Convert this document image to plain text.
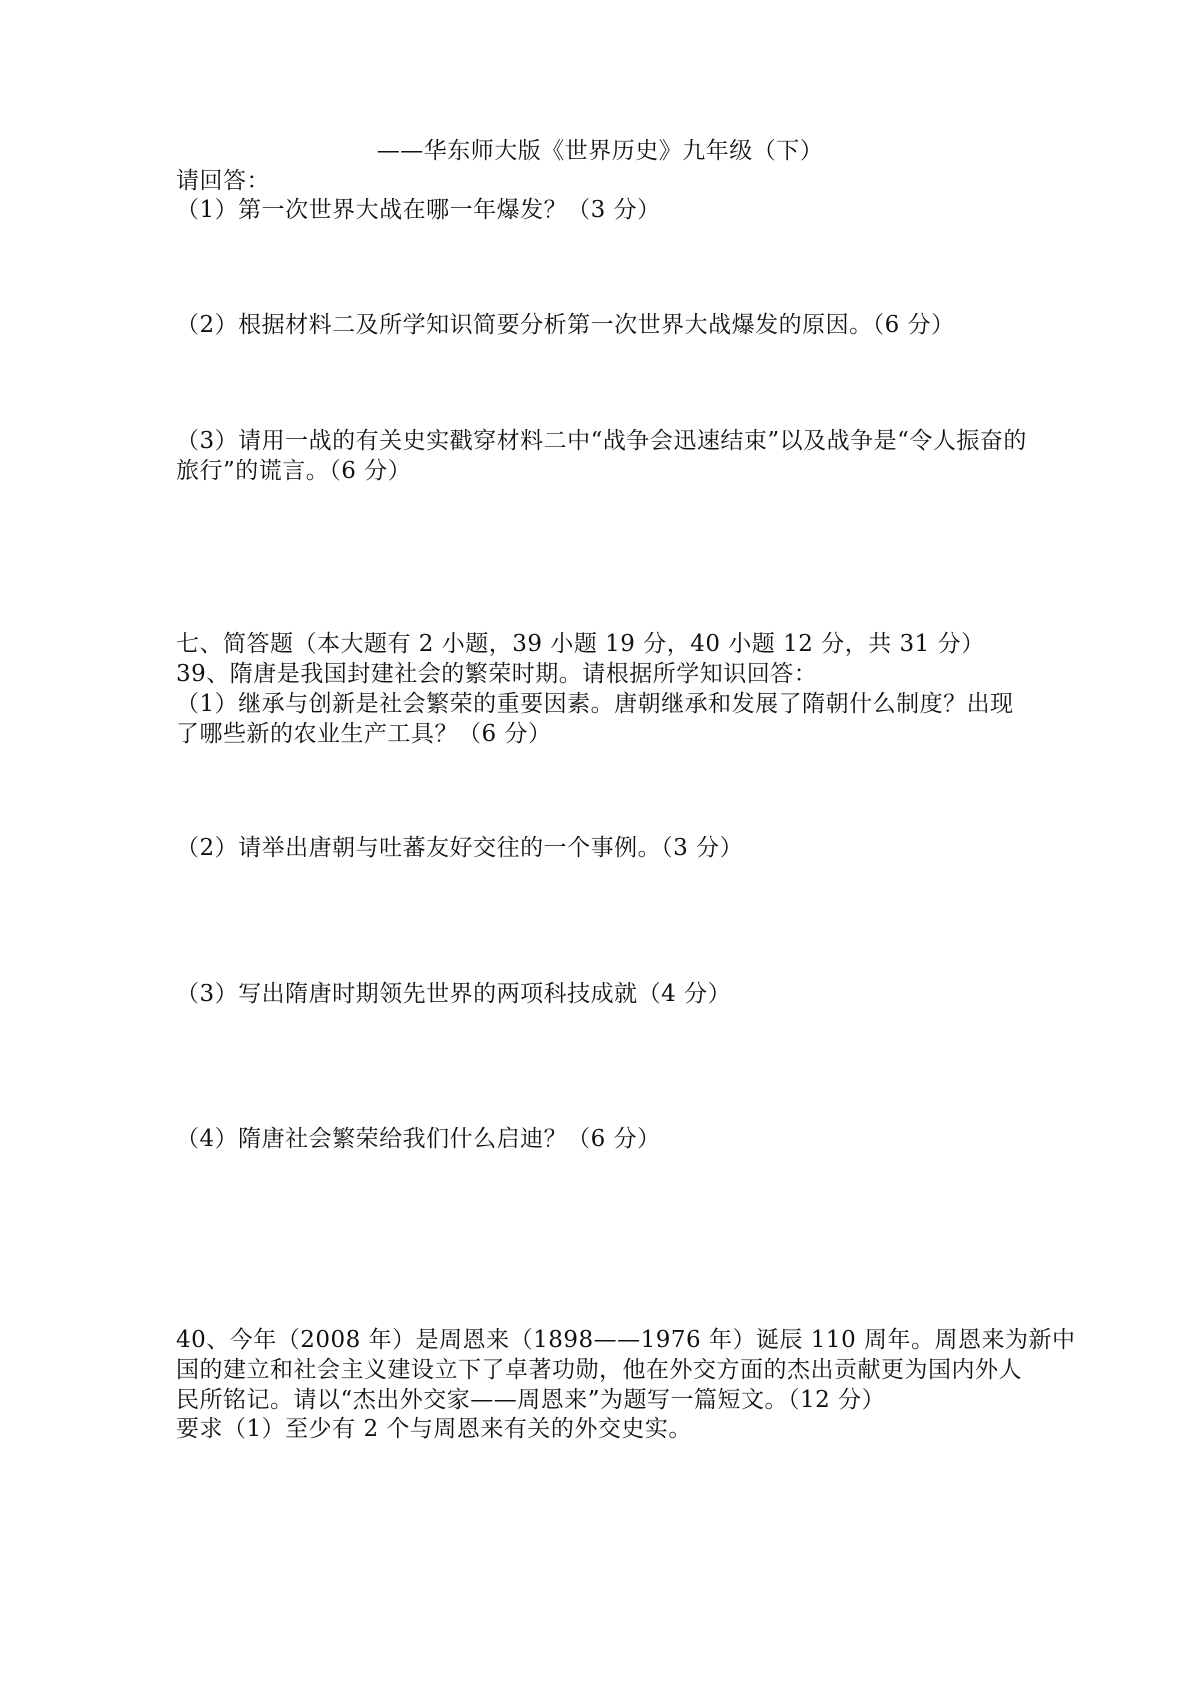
——华东师大版《世界历史》九年级（下）
请回答：
（1）第一次世界大战在哪一年爆发？（3 分）
（2）根据材料二及所学知识简要分析第一次世界大战爆发的原因。（6 分）
（3）请用一战的有关史实戳穿材料二中“战争会迅速结束”以及战争是“令人振奋的
旅行”的谎言。（6 分）
七、简答题（本大题有 2 小题，39 小题 19 分，40 小题 12 分，共 31 分）
39、隋唐是我国封建社会的繁荣时期。请根据所学知识回答：
（1）继承与创新是社会繁荣的重要因素。唐朝继承和发展了隋朝什么制度？出现
了哪些新的农业生产工具？（6 分）
（2）请举出唐朝与吐蕃友好交往的一个事例。（3 分）
（3）写出隋唐时期领先世界的两项科技成就（4 分）
（4）隋唐社会繁荣给我们什么启迪？（6 分）
40、今年（2008 年）是周恩来（1898——1976 年）诞辰 110 周年。周恩来为新中
国的建立和社会主义建设立下了卓著功勋，他在外交方面的杰出贡献更为国内外人
民所铭记。请以“杰出外交家——周恩来”为题写一篇短文。（12 分）
要求（1）至少有 2 个与周恩来有关的外交史实。
